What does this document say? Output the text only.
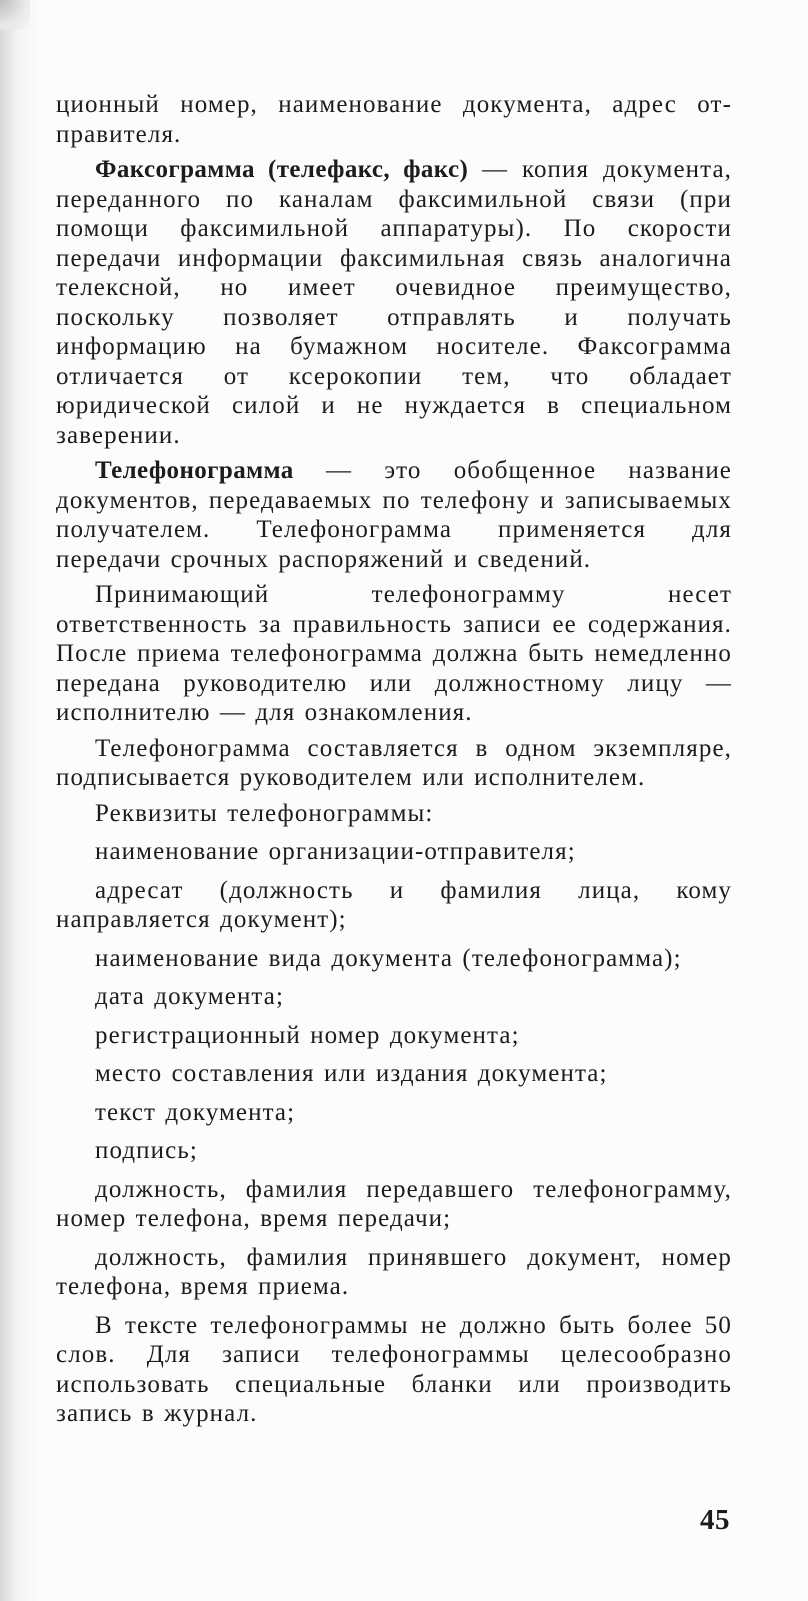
ционный номер, наименование документа, адрес от-правителя.

Факсограмма (телефакс, факс) — копия документа, переданного по каналам факсимильной связи (при помощи факсимильной аппаратуры). По скорости передачи информации факсимильная связь аналогична телексной, но имеет очевидное преимущество, поскольку позволяет отправлять и получать информацию на бумажном носителе. Факсограмма отличается от ксерокопии тем, что обладает юридической силой и не нуждается в специальном заверении.

Телефонограмма — это обобщенное название документов, передаваемых по телефону и записываемых получателем. Телефонограмма применяется для передачи срочных распоряжений и сведений.

Принимающий телефонограмму несет ответственность за правильность записи ее содержания. После приема телефонограмма должна быть немедленно передана руководителю или должностному лицу — исполнителю — для ознакомления.

Телефонограмма составляется в одном экземпляре, подписывается руководителем или исполнителем.

Реквизиты телефонограммы:

наименование организации-отправителя;

адресат (должность и фамилия лица, кому направляется документ);

наименование вида документа (телефонограмма);

дата документа;

регистрационный номер документа;

место составления или издания документа;

текст документа;

подпись;

должность, фамилия передавшего телефонограмму, номер телефона, время передачи;

должность, фамилия принявшего документ, номер телефона, время приема.

В тексте телефонограммы не должно быть более 50 слов. Для записи телефонограммы целесообразно использовать специальные бланки или производить запись в журнал.

45
